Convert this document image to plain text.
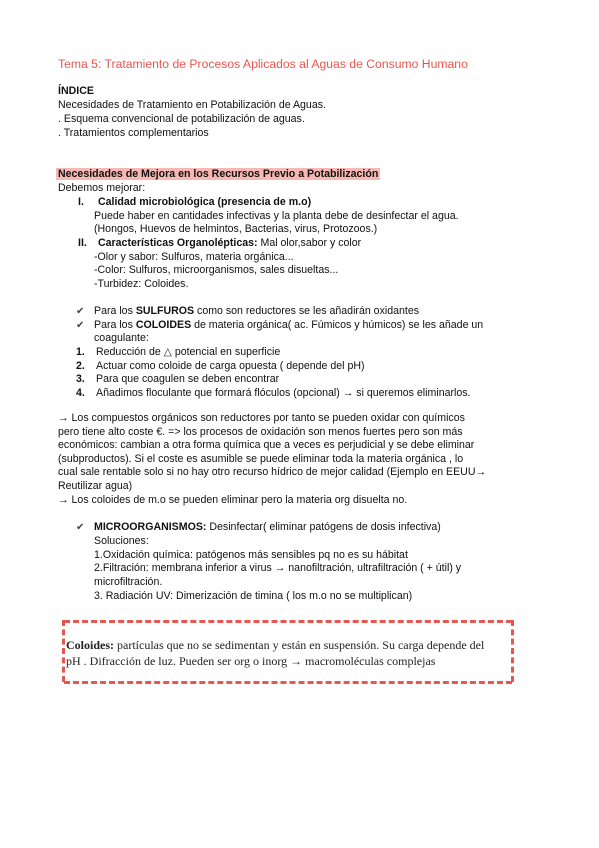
Tema 5: Tratamiento de Procesos Aplicados al Aguas de Consumo Humano
ÍNDICE
Necesidades de Tratamiento en Potabilización de Aguas.
. Esquema convencional de potabilización de aguas.
. Tratamientos complementarios
Necesidades de Mejora en los Recursos Previo a Potabilización
Debemos mejorar:
I. Calidad microbiológica (presencia de m.o)
Puede haber en cantidades infectivas y la planta debe de desinfectar el agua.
(Hongos, Huevos de helmintos, Bacterias, virus, Protozoos.)
II. Características Organolépticas: Mal olor,sabor y color
-Olor y sabor: Sulfuros, materia orgánica...
-Color: Sulfuros, microorganismos, sales disueltas...
-Turbidez: Coloides.
✔ Para los SULFUROS como son reductores se les añadirán oxidantes
✔ Para los COLOIDES de materia orgánica( ac. Fúmicos y húmicos) se les añade un
coagulante:
1. Reducción de △ potencial en superficie
2. Actuar como coloide de carga opuesta ( depende del pH)
3. Para que coagulen se deben encontrar
4. Añadimos floculante que formará flóculos (opcional) → si queremos eliminarlos.
→ Los compuestos orgánicos son reductores por tanto se pueden oxidar con químicos
pero tiene alto coste €. => los procesos de oxidación son menos fuertes pero son más
económicos: cambian a otra forma química que a veces es perjudicial y se debe eliminar
(subproductos). Si el coste es asumible se puede eliminar toda la materia orgánica , lo
cual sale rentable solo si no hay otro recurso hídrico de mejor calidad (Ejemplo en EEUU→
Reutilizar agua)
→ Los coloides de m.o se pueden eliminar pero la materia org disuelta no.
✔ MICROORGANISMOS: Desinfectar( eliminar patógens de dosis infectiva)
Soluciones:
1.Oxidación química: patógenos más sensibles pq no es su hábitat
2.Filtración: membrana inferior a virus → nanofiltración, ultrafiltración ( + útil) y
microfiltración.
3. Radiación UV: Dimerización de timina ( los m.o no se multiplican)
Coloides: partículas que no se sedimentan y están en suspensión. Su carga depende del
pH . Difracción de luz. Pueden ser org o inorg → macromoléculas complejas
